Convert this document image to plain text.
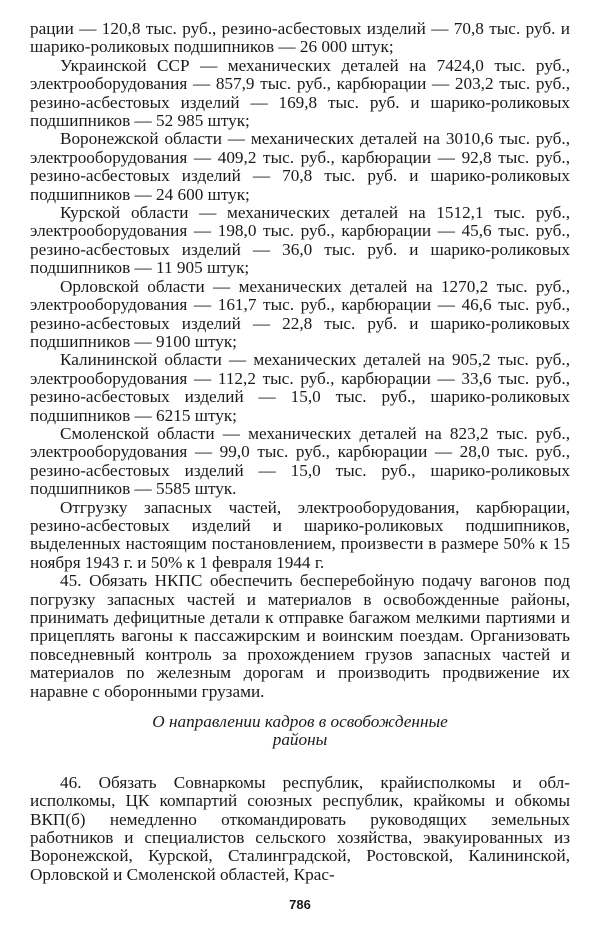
рации — 120,8 тыс. руб., резино-асбестовых изделий — 70,8 тыс. руб. и шарико-роликовых подшипников — 26 000 штук;

Украинской ССР — механических деталей на 7424,0 тыс. руб., электрооборудования — 857,9 тыс. руб., карбюрации — 203,2 тыс. руб., резино-асбестовых изделий — 169,8 тыс. руб. и шарико-роликовых подшипников — 52 985 штук;

Воронежской области — механических деталей на 3010,6 тыс. руб., электрооборудования — 409,2 тыс. руб., карбюрации — 92,8 тыс. руб., резино-асбестовых изделий — 70,8 тыс. руб. и шарико-роликовых подшипников — 24 600 штук;

Курской области — механических деталей на 1512,1 тыс. руб., электрооборудования — 198,0 тыс. руб., карбюрации — 45,6 тыс. руб., резино-асбестовых изделий — 36,0 тыс. руб. и шарико-роликовых подшипников — 11 905 штук;

Орловской области — механических деталей на 1270,2 тыс. руб., электрооборудования — 161,7 тыс. руб., карбюрации — 46,6 тыс. руб., резино-асбестовых изделий — 22,8 тыс. руб. и шарико-роликовых подшипников — 9100 штук;

Калининской области — механических деталей на 905,2 тыс. руб., электрооборудования — 112,2 тыс. руб., карбюрации — 33,6 тыс. руб., резино-асбестовых изделий — 15,0 тыс. руб., шарико-роликовых подшипников — 6215 штук;

Смоленской области — механических деталей на 823,2 тыс. руб., электрооборудования — 99,0 тыс. руб., карбюрации — 28,0 тыс. руб., резино-асбестовых изделий — 15,0 тыс. руб., шарико-роликовых подшипников — 5585 штук.

Отгрузку запасных частей, электрооборудования, карбюрации, резино-асбестовых изделий и шарико-роликовых подшипников, выделенных настоящим постановлением, произвести в размере 50% к 15 ноября 1943 г. и 50% к 1 февраля 1944 г.

45. Обязать НКПС обеспечить бесперебойную подачу вагонов под погрузку запасных частей и материалов в освобожденные районы, принимать дефицитные детали к отправке багажом мелкими партиями и прицеплять вагоны к пассажирским и воинским поездам. Организовать повседневный контроль за прохождением грузов запасных частей и материалов по железным дорогам и производить продвижение их наравне с оборонными грузами.

О направлении кадров в освобожденные
районы

46. Обязать Совнаркомы республик, крайисполкомы и облисполкомы, ЦК компартий союзных республик, крайкомы и обкомы ВКП(б) немедленно откомандировать руководящих земельных работников и специалистов сельского хозяйства, эвакуированных из Воронежской, Курской, Сталинградской, Ростовской, Калининской, Орловской и Смоленской областей, Крас-

786
